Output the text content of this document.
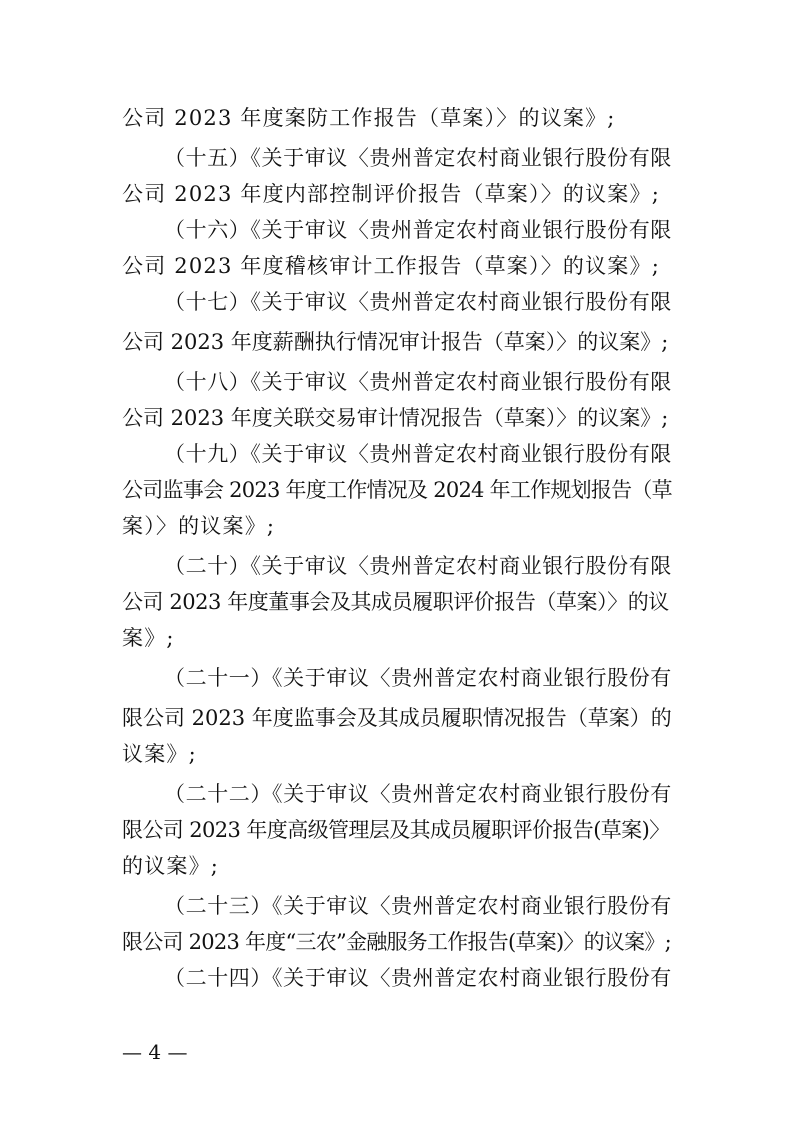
公司 2023 年度案防工作报告（草案）〉的议案》;
（十五）《关于审议〈贵州普定农村商业银行股份有限
公司 2023 年度内部控制评价报告（草案）〉的议案》;
（十六）《关于审议〈贵州普定农村商业银行股份有限
公司 2023 年度稽核审计工作报告（草案）〉的议案》;
（十七）《关于审议〈贵州普定农村商业银行股份有限
公司 2023 年度薪酬执行情况审计报告（草案）〉的议案》;
（十八）《关于审议〈贵州普定农村商业银行股份有限
公司 2023 年度关联交易审计情况报告（草案）〉的议案》;
（十九）《关于审议〈贵州普定农村商业银行股份有限
公司监事会 2023 年度工作情况及 2024 年工作规划报告（草
案）〉的议案》;
（二十）《关于审议〈贵州普定农村商业银行股份有限
公司 2023 年度董事会及其成员履职评价报告（草案）〉的议
案》;
（二十一）《关于审议〈贵州普定农村商业银行股份有
限公司 2023 年度监事会及其成员履职情况报告（草案）的
议案》;
（二十二）《关于审议〈贵州普定农村商业银行股份有
限公司 2023 年度高级管理层及其成员履职评价报告(草案)〉
的议案》;
（二十三）《关于审议〈贵州普定农村商业银行股份有
限公司 2023 年度“三农”金融服务工作报告(草案)〉的议案》;
（二十四）《关于审议〈贵州普定农村商业银行股份有
— 4 —
